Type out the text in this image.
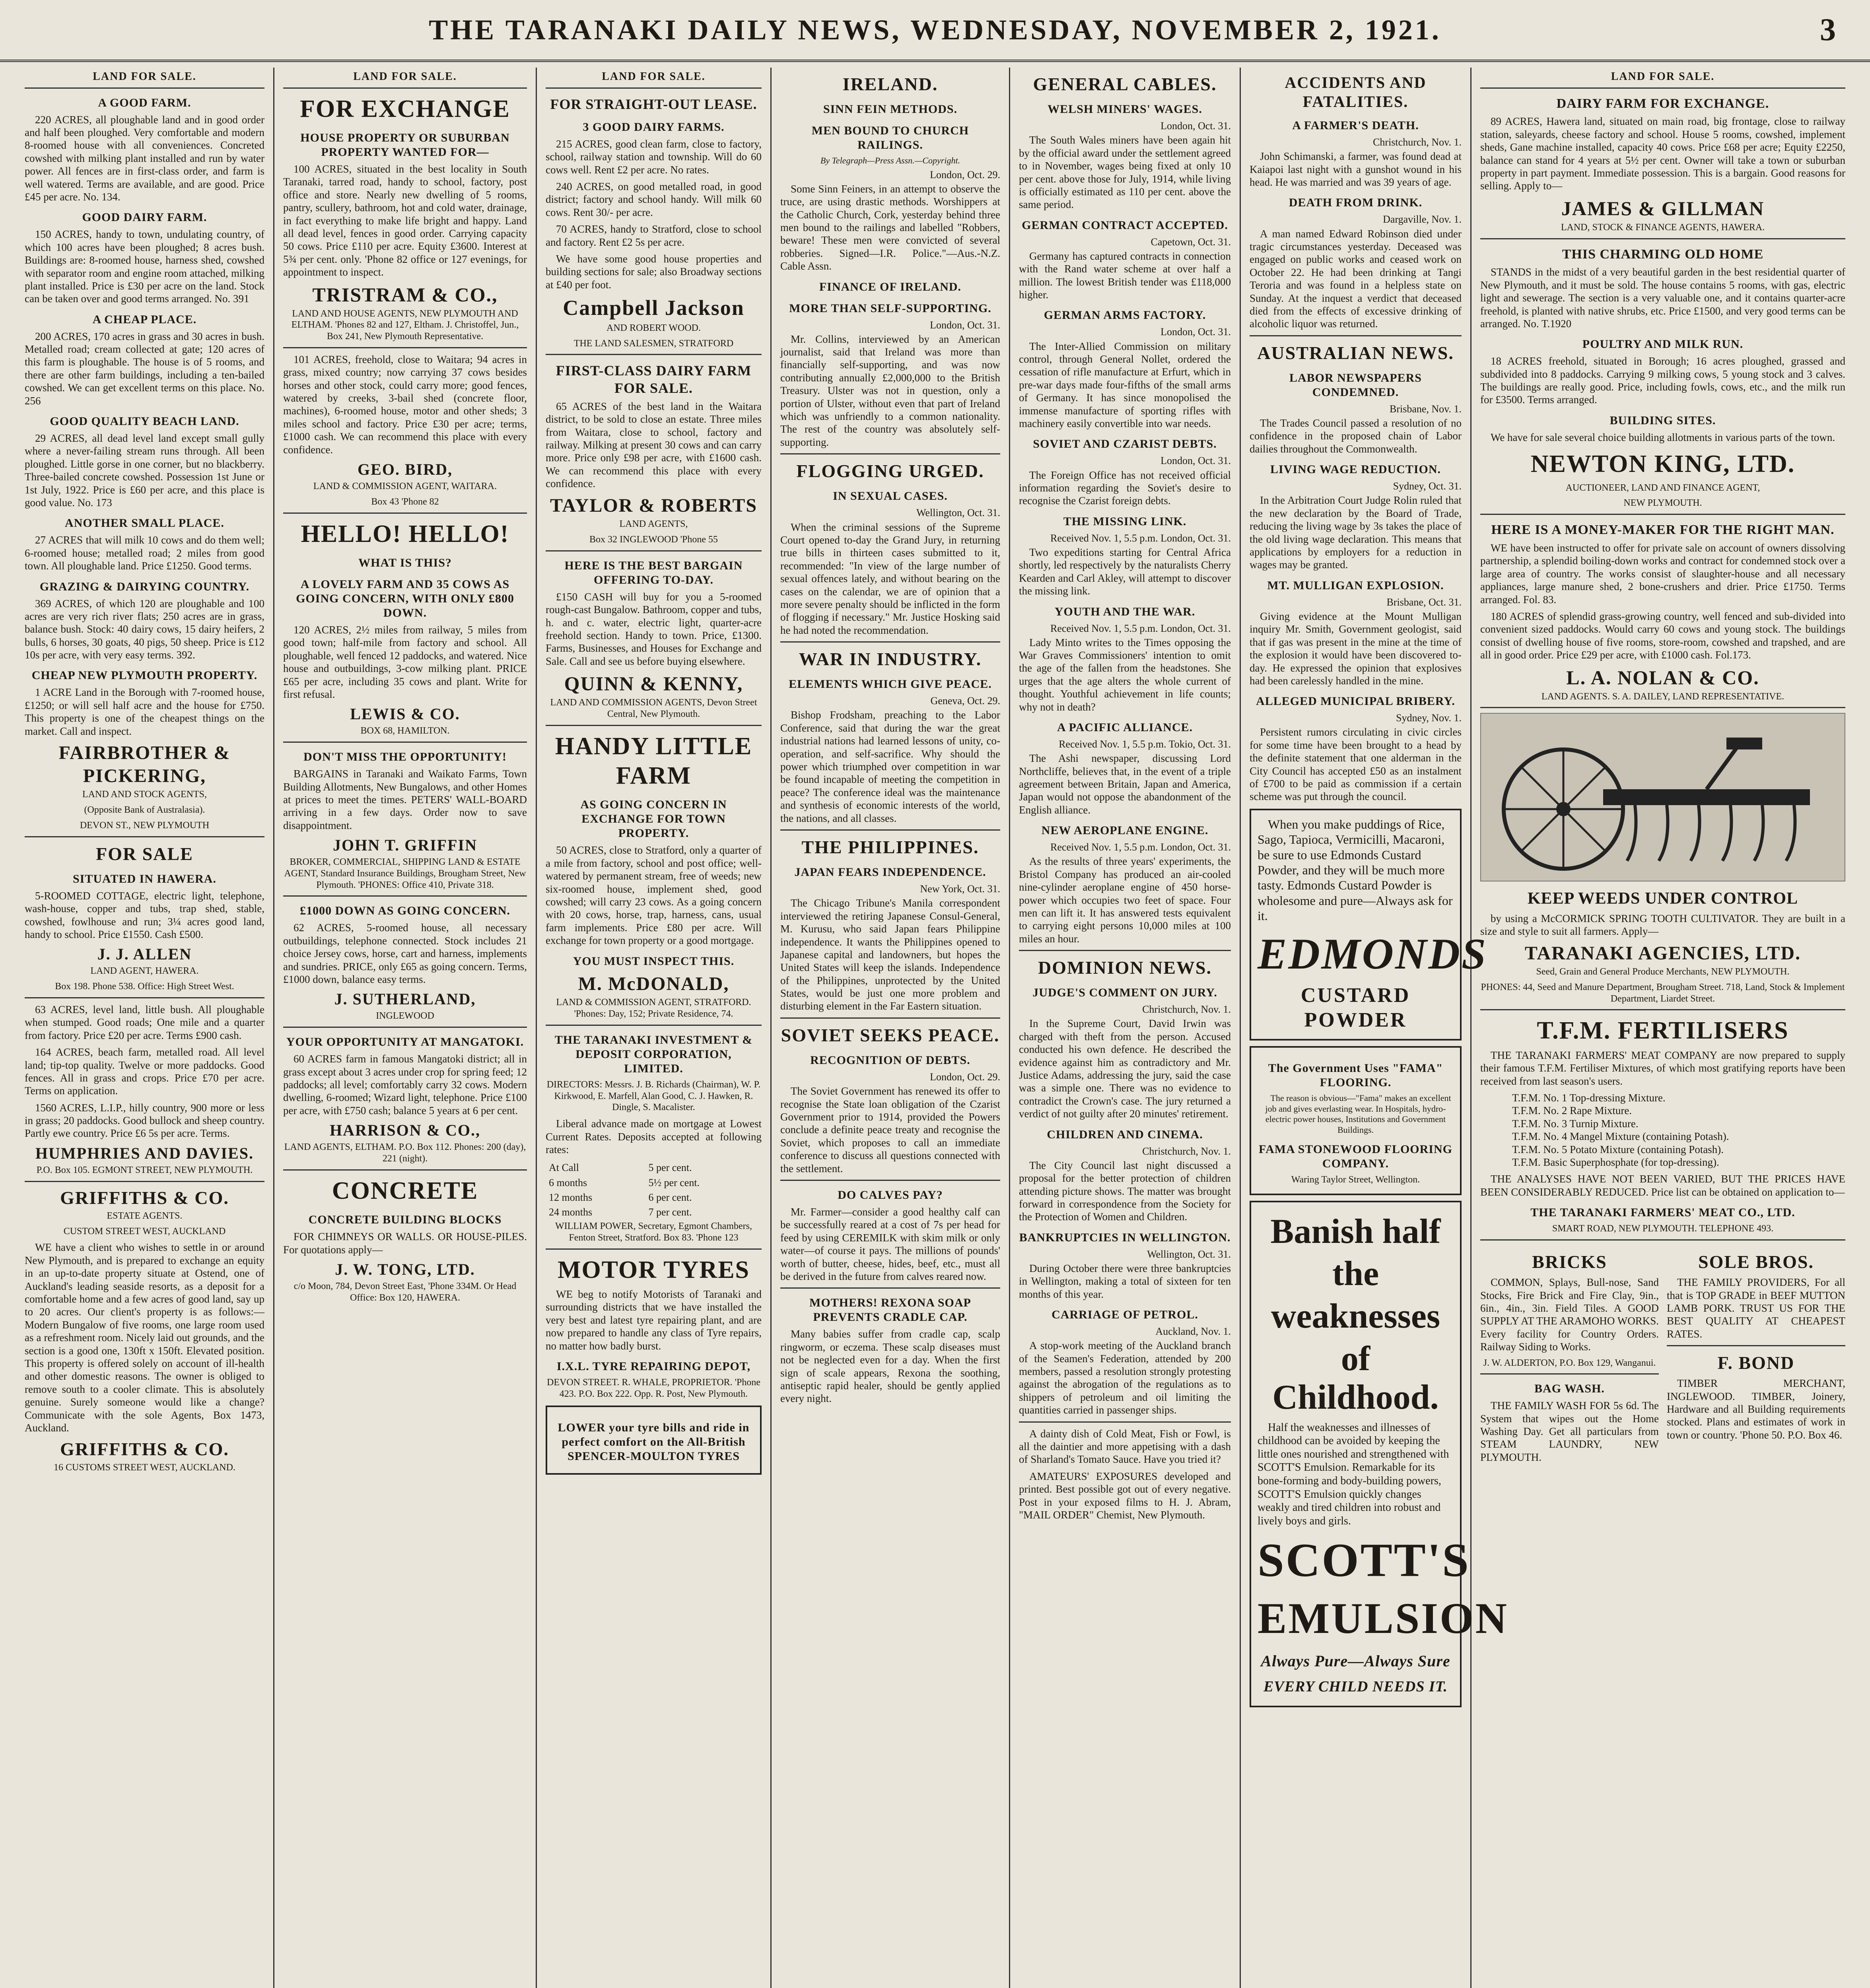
THE TARANAKI DAILY NEWS, WEDNESDAY, NOVEMBER 2, 1921.	3
LAND FOR SALE.
A GOOD FARM.

220 ACRES, all ploughable land and in good order and half been ploughed. Very comfortable and modern 8-roomed house with all conveniences. Concreted cowshed with milking plant installed and run by water power. All fences are in first-class order, and farm is well watered. Terms are available, and are good. Price £45 per acre. No. 134.

GOOD DAIRY FARM.

150 ACRES, handy to town, undulating country, of which 100 acres have been ploughed; 8 acres bush. Buildings are: 8-roomed house, harness shed, cowshed with separator room and engine room attached, milking plant installed. Price is £30 per acre on the land. Stock can be taken over and good terms arranged. No. 391

A CHEAP PLACE.

200 ACRES, 170 acres in grass and 30 acres in bush. Metalled road; cream collected at gate; 120 acres of this farm is ploughable. The house is of 5 rooms, and there are other farm buildings, including a ten-bailed cowshed. We can get excellent terms on this place. No. 256

GOOD QUALITY BEACH LAND.

29 ACRES, all dead level land except small gully where a never-failing stream runs through. All been ploughed. Little gorse in one corner, but no blackberry. Three-bailed concrete cowshed. Possession 1st June or 1st July, 1922. Price is £60 per acre, and this place is good value. No. 173

ANOTHER SMALL PLACE.

27 ACRES that will milk 10 cows and do them well; 6-roomed house; metalled road; 2 miles from good town. All ploughable land. Price £1250. Good terms.

GRAZING & DAIRYING COUNTRY.

369 ACRES, of which 120 are ploughable and 100 acres are very rich river flats; 250 acres are in grass, balance bush. Stock: 40 dairy cows, 15 dairy heifers, 2 bulls, 6 horses, 30 goats, 40 pigs, 50 sheep. Price is £12 10s per acre, with very easy terms. 392.

CHEAP NEW PLYMOUTH PROPERTY.

1 ACRE Land in the Borough with 7-roomed house, £1250; or will sell half acre and the house for £750. This property is one of the cheapest things on the market. Call and inspect.

FAIRBROTHER & PICKERING,
LAND AND STOCK AGENTS,
(Opposite Bank of Australasia).
DEVON ST., NEW PLYMOUTH
FOR SALE
SITUATED IN HAWERA.

5-ROOMED COTTAGE, electric light, telephone, wash-house, copper and tubs, trap shed, stable, cowshed, fowlhouse and run; 3¼ acres good land, handy to school. Price £1550. Cash £500.

J. J. ALLEN
LAND AGENT, HAWERA.
Box 198. Phone 538. Office: High Street West.

63 ACRES, level land, little bush. All ploughable when stumped. Good roads; One mile and a quarter from factory. Price £20 per acre. Terms £900 cash.

164 ACRES, beach farm, metalled road. All level land; tip-top quality. Twelve or more paddocks. Good fences. All in grass and crops. Price £70 per acre. Terms on application.

1560 ACRES, L.I.P., hilly country, 900 more or less in grass; 20 paddocks. Good bullock and sheep country. Partly ewe country. Price £6 5s per acre. Terms.

HUMPHRIES AND DAVIES.
P.O. Box 105. EGMONT STREET, NEW PLYMOUTH.
GRIFFITHS & CO.
ESTATE AGENTS.
CUSTOM STREET WEST, AUCKLAND

WE have a client who wishes to settle in or around New Plymouth, and is prepared to exchange an equity in an up-to-date property situate at Ostend, one of Auckland's leading seaside resorts, as a deposit for a comfortable home and a few acres of good land, say up to 20 acres. Our client's property is as follows:—Modern Bungalow of five rooms, one large room used as a refreshment room. Nicely laid out grounds, and the section is a good one, 130ft x 150ft. Elevated position. This property is offered solely on account of ill-health and other domestic reasons. The owner is obliged to remove south to a cooler climate. This is absolutely genuine. Surely someone would like a change? Communicate with the sole Agents, Box 1473, Auckland.

GRIFFITHS & CO.
16 CUSTOMS STREET WEST, AUCKLAND.
LAND FOR SALE.
FOR EXCHANGE
HOUSE PROPERTY OR SUBURBAN PROPERTY WANTED FOR—

100 ACRES, situated in the best locality in South Taranaki, tarred road, handy to school, factory, post office and store. Nearly new dwelling of 5 rooms, pantry, scullery, bathroom, hot and cold water, drainage, in fact everything to make life bright and happy. Land all dead level, fences in good order. Carrying capacity 50 cows. Price £110 per acre. Equity £3600. Interest at 5¾ per cent. only. 'Phone 82 office or 127 evenings, for appointment to inspect.

TRISTRAM & CO.,
LAND AND HOUSE AGENTS, NEW PLYMOUTH AND ELTHAM. 'Phones 82 and 127, Eltham. J. Christoffel, Jun., Box 241, New Plymouth Representative.

101 ACRES, freehold, close to Waitara; 94 acres in grass, mixed country; now carrying 37 cows besides horses and other stock, could carry more; good fences, watered by creeks, 3-bail shed (concrete floor, machines), 6-roomed house, motor and other sheds; 3 miles school and factory. Price £30 per acre; terms, £1000 cash. We can recommend this place with every confidence.

GEO. BIRD,
LAND & COMMISSION AGENT, WAITARA.
Box 43 'Phone 82
HELLO! HELLO!
WHAT IS THIS?
A LOVELY FARM AND 35 COWS AS GOING CONCERN, WITH ONLY £800 DOWN.

120 ACRES, 2½ miles from railway, 5 miles from good town; half-mile from factory and school. All ploughable, well fenced 12 paddocks, and watered. Nice house and outbuildings, 3-cow milking plant. PRICE £65 per acre, including 35 cows and plant. Write for first refusal.

LEWIS & CO.
BOX 68, HAMILTON.
DON'T MISS THE OPPORTUNITY!

BARGAINS in Taranaki and Waikato Farms, Town Building Allotments, New Bungalows, and other Homes at prices to meet the times. PETERS' WALL-BOARD arriving in a few days. Order now to save disappointment.

JOHN T. GRIFFIN
BROKER, COMMERCIAL, SHIPPING LAND & ESTATE AGENT, Standard Insurance Buildings, Brougham Street, New Plymouth. 'PHONES: Office 410, Private 318.
£1000 DOWN AS GOING CONCERN.

62 ACRES, 5-roomed house, all necessary outbuildings, telephone connected. Stock includes 21 choice Jersey cows, horse, cart and harness, implements and sundries. PRICE, only £65 as going concern. Terms, £1000 down, balance easy terms.

J. SUTHERLAND,
INGLEWOOD
YOUR OPPORTUNITY AT MANGATOKI.

60 ACRES farm in famous Mangatoki district; all in grass except about 3 acres under crop for spring feed; 12 paddocks; all level; comfortably carry 32 cows. Modern dwelling, 6-roomed; Wizard light, telephone. Price £100 per acre, with £750 cash; balance 5 years at 6 per cent.

HARRISON & CO.,
LAND AGENTS, ELTHAM. P.O. Box 112. Phones: 200 (day), 221 (night).
CONCRETE
CONCRETE BUILDING BLOCKS

FOR CHIMNEYS OR WALLS. OR HOUSE-PILES. For quotations apply—

J. W. TONG, LTD.
c/o Moon, 784, Devon Street East, 'Phone 334M. Or Head Office: Box 120, HAWERA.
LAND FOR SALE.
FOR STRAIGHT-OUT LEASE.
3 GOOD DAIRY FARMS.

215 ACRES, good clean farm, close to factory, school, railway station and township. Will do 60 cows well. Rent £2 per acre. No rates.

240 ACRES, on good metalled road, in good district; factory and school handy. Will milk 60 cows. Rent 30/- per acre.

70 ACRES, handy to Stratford, close to school and factory. Rent £2 5s per acre.

We have some good house properties and building sections for sale; also Broadway sections at £40 per foot.

Campbell Jackson
AND ROBERT WOOD.
THE LAND SALESMEN, STRATFORD
FIRST-CLASS DAIRY FARM FOR SALE.

65 ACRES of the best land in the Waitara district, to be sold to close an estate. Three miles from Waitara, close to school, factory and railway. Milking at present 30 cows and can carry more. Price only £98 per acre, with £1600 cash. We can recommend this place with every confidence.

TAYLOR & ROBERTS
LAND AGENTS,
Box 32 INGLEWOOD 'Phone 55
HERE IS THE BEST BARGAIN OFFERING TO-DAY.

£150 CASH will buy for you a 5-roomed rough-cast Bungalow. Bathroom, copper and tubs, h. and c. water, electric light, quarter-acre freehold section. Handy to town. Price, £1300. Farms, Businesses, and Houses for Exchange and Sale. Call and see us before buying elsewhere.

QUINN & KENNY,
LAND AND COMMISSION AGENTS, Devon Street Central, New Plymouth.
HANDY LITTLE FARM
AS GOING CONCERN IN EXCHANGE FOR TOWN PROPERTY.

50 ACRES, close to Stratford, only a quarter of a mile from factory, school and post office; well-watered by permanent stream, free of weeds; new six-roomed house, implement shed, good cowshed; will carry 23 cows. As a going concern with 20 cows, horse, trap, harness, cans, usual farm implements. Price £80 per acre. Will exchange for town property or a good mortgage.

YOU MUST INSPECT THIS.
M. McDONALD,
LAND & COMMISSION AGENT, STRATFORD. 'Phones: Day, 152; Private Residence, 74.
THE TARANAKI INVESTMENT & DEPOSIT CORPORATION, LIMITED.
DIRECTORS: Messrs. J. B. Richards (Chairman), W. P. Kirkwood, E. Marfell, Alan Good, C. J. Hawken, R. Dingle, S. Macalister.

Liberal advance made on mortgage at Lowest Current Rates. Deposits accepted at following rates:

At Call	5 per cent.
6 months	5½ per cent.
12 months	6 per cent.
24 months	7 per cent.
WILLIAM POWER, Secretary, Egmont Chambers, Fenton Street, Stratford. Box 83. 'Phone 123
MOTOR TYRES

WE beg to notify Motorists of Taranaki and surrounding districts that we have installed the very best and latest tyre repairing plant, and are now prepared to handle any class of Tyre repairs, no matter how badly burst.

I.X.L. TYRE REPAIRING DEPOT,
DEVON STREET. R. WHALE, PROPRIETOR. 'Phone 423. P.O. Box 222. Opp. R. Post, New Plymouth.
LOWER your tyre bills and ride in perfect comfort on the All-British SPENCER-MOULTON TYRES
IRELAND.
SINN FEIN METHODS.
MEN BOUND TO CHURCH RAILINGS.
By Telegraph—Press Assn.—Copyright.
London, Oct. 29.

Some Sinn Feiners, in an attempt to observe the truce, are using drastic methods. Worshippers at the Catholic Church, Cork, yesterday behind three men bound to the railings and labelled "Robbers, beware! These men were convicted of several robberies. Signed—I.R. Police."—Aus.-N.Z. Cable Assn.

FINANCE OF IRELAND.
MORE THAN SELF-SUPPORTING.
London, Oct. 31.

Mr. Collins, interviewed by an American journalist, said that Ireland was more than financially self-supporting, and was now contributing annually £2,000,000 to the British Treasury. Ulster was not in question, only a portion of Ulster, without even that part of Ireland which was unfriendly to a common nationality. The rest of the country was absolutely self-supporting.

FLOGGING URGED.
IN SEXUAL CASES.
Wellington, Oct. 31.

When the criminal sessions of the Supreme Court opened to-day the Grand Jury, in returning true bills in thirteen cases submitted to it, recommended: "In view of the large number of sexual offences lately, and without bearing on the cases on the calendar, we are of opinion that a more severe penalty should be inflicted in the form of flogging if necessary." Mr. Justice Hosking said he had noted the recommendation.

WAR IN INDUSTRY.
ELEMENTS WHICH GIVE PEACE.
Geneva, Oct. 29.

Bishop Frodsham, preaching to the Labor Conference, said that during the war the great industrial nations had learned lessons of unity, co-operation, and self-sacrifice. Why should the power which triumphed over competition in war be found incapable of meeting the competition in peace? The conference ideal was the maintenance and synthesis of economic interests of the world, the nations, and all classes.

THE PHILIPPINES.
JAPAN FEARS INDEPENDENCE.
New York, Oct. 31.

The Chicago Tribune's Manila correspondent interviewed the retiring Japanese Consul-General, M. Kurusu, who said Japan fears Philippine independence. It wants the Philippines opened to Japanese capital and landowners, but hopes the United States will keep the islands. Independence of the Philippines, unprotected by the United States, would be just one more problem and disturbing element in the Far Eastern situation.

SOVIET SEEKS PEACE.
RECOGNITION OF DEBTS.
London, Oct. 29.

The Soviet Government has renewed its offer to recognise the State loan obligation of the Czarist Government prior to 1914, provided the Powers conclude a definite peace treaty and recognise the Soviet, which proposes to call an immediate conference to discuss all questions connected with the settlement.

DO CALVES PAY?

Mr. Farmer—consider a good healthy calf can be successfully reared at a cost of 7s per head for feed by using CEREMILK with skim milk or only water—of course it pays. The millions of pounds' worth of butter, cheese, hides, beef, etc., must all be derived in the future from calves reared now.

MOTHERS! REXONA SOAP PREVENTS CRADLE CAP.

Many babies suffer from cradle cap, scalp ringworm, or eczema. These scalp diseases must not be neglected even for a day. When the first sign of scale appears, Rexona the soothing, antiseptic rapid healer, should be gently applied every night.

GENERAL CABLES.
WELSH MINERS' WAGES.
London, Oct. 31.

The South Wales miners have been again hit by the official award under the settlement agreed to in November, wages being fixed at only 10 per cent. above those for July, 1914, while living is officially estimated as 110 per cent. above the same period.

GERMAN CONTRACT ACCEPTED.
Capetown, Oct. 31.

Germany has captured contracts in connection with the Rand water scheme at over half a million. The lowest British tender was £118,000 higher.

GERMAN ARMS FACTORY.
London, Oct. 31.

The Inter-Allied Commission on military control, through General Nollet, ordered the cessation of rifle manufacture at Erfurt, which in pre-war days made four-fifths of the small arms of Germany. It has since monopolised the immense manufacture of sporting rifles with machinery easily convertible into war needs.

SOVIET AND CZARIST DEBTS.
London, Oct. 31.

The Foreign Office has not received official information regarding the Soviet's desire to recognise the Czarist foreign debts.

THE MISSING LINK.
Received Nov. 1, 5.5 p.m. London, Oct. 31.

Two expeditions starting for Central Africa shortly, led respectively by the naturalists Cherry Kearden and Carl Akley, will attempt to discover the missing link.

YOUTH AND THE WAR.
Received Nov. 1, 5.5 p.m. London, Oct. 31.

Lady Minto writes to the Times opposing the War Graves Commissioners' intention to omit the age of the fallen from the headstones. She urges that the age alters the whole current of thought. Youthful achievement in life counts; why not in death?

A PACIFIC ALLIANCE.
Received Nov. 1, 5.5 p.m. Tokio, Oct. 31.

The Ashi newspaper, discussing Lord Northcliffe, believes that, in the event of a triple agreement between Britain, Japan and America, Japan would not oppose the abandonment of the English alliance.

NEW AEROPLANE ENGINE.
Received Nov. 1, 5.5 p.m. London, Oct. 31.

As the results of three years' experiments, the Bristol Company has produced an air-cooled nine-cylinder aeroplane engine of 450 horse-power which occupies two feet of space. Four men can lift it. It has answered tests equivalent to carrying eight persons 10,000 miles at 100 miles an hour.

DOMINION NEWS.
JUDGE'S COMMENT ON JURY.
Christchurch, Nov. 1.

In the Supreme Court, David Irwin was charged with theft from the person. Accused conducted his own defence. He described the evidence against him as contradictory and Mr. Justice Adams, addressing the jury, said the case was a simple one. There was no evidence to contradict the Crown's case. The jury returned a verdict of not guilty after 20 minutes' retirement.

CHILDREN AND CINEMA.
Christchurch, Nov. 1.

The City Council last night discussed a proposal for the better protection of children attending picture shows. The matter was brought forward in correspondence from the Society for the Protection of Women and Children.

BANKRUPTCIES IN WELLINGTON.
Wellington, Oct. 31.

During October there were three bankruptcies in Wellington, making a total of sixteen for ten months of this year.

CARRIAGE OF PETROL.
Auckland, Nov. 1.

A stop-work meeting of the Auckland branch of the Seamen's Federation, attended by 200 members, passed a resolution strongly protesting against the abrogation of the regulations as to shippers of petroleum and oil limiting the quantities carried in passenger ships.

A dainty dish of Cold Meat, Fish or Fowl, is all the daintier and more appetising with a dash of Sharland's Tomato Sauce. Have you tried it?

AMATEURS' EXPOSURES developed and printed. Best possible got out of every negative. Post in your exposed films to H. J. Abram, "MAIL ORDER" Chemist, New Plymouth.

ACCIDENTS AND FATALITIES.
A FARMER'S DEATH.
Christchurch, Nov. 1.

John Schimanski, a farmer, was found dead at Kaiapoi last night with a gunshot wound in his head. He was married and was 39 years of age.

DEATH FROM DRINK.
Dargaville, Nov. 1.

A man named Edward Robinson died under tragic circumstances yesterday. Deceased was engaged on public works and ceased work on October 22. He had been drinking at Tangi Teroria and was found in a helpless state on Sunday. At the inquest a verdict that deceased died from the effects of excessive drinking of alcoholic liquor was returned.

AUSTRALIAN NEWS.
LABOR NEWSPAPERS CONDEMNED.
Brisbane, Nov. 1.

The Trades Council passed a resolution of no confidence in the proposed chain of Labor dailies throughout the Commonwealth.

LIVING WAGE REDUCTION.
Sydney, Oct. 31.

In the Arbitration Court Judge Rolin ruled that the new declaration by the Board of Trade, reducing the living wage by 3s takes the place of the old living wage declaration. This means that applications by employers for a reduction in wages may be granted.

MT. MULLIGAN EXPLOSION.
Brisbane, Oct. 31.

Giving evidence at the Mount Mulligan inquiry Mr. Smith, Government geologist, said that if gas was present in the mine at the time of the explosion it would have been discovered to-day. He expressed the opinion that explosives had been carelessly handled in the mine.

ALLEGED MUNICIPAL BRIBERY.
Sydney, Nov. 1.

Persistent rumors circulating in civic circles for some time have been brought to a head by the definite statement that one alderman in the City Council has accepted £50 as an instalment of £700 to be paid as commission if a certain scheme was put through the council.

When you make puddings of Rice, Sago, Tapioca, Vermicilli, Macaroni, be sure to use Edmonds Custard Powder, and they will be much more tasty. Edmonds Custard Powder is wholesome and pure—Always ask for it.

EDMONDS
CUSTARD POWDER
The Government Uses "FAMA" FLOORING.

The reason is obvious—"Fama" makes an excellent job and gives everlasting wear. In Hospitals, hydro-electric power houses, Institutions and Government Buildings.

FAMA STONEWOOD FLOORING COMPANY.
Waring Taylor Street, Wellington.
Banish half
the
weaknesses
of Childhood.

Half the weaknesses and illnesses of childhood can be avoided by keeping the little ones nourished and strengthened with SCOTT'S Emulsion. Remarkable for its bone-forming and body-building powers, SCOTT'S Emulsion quickly changes weakly and tired children into robust and lively boys and girls.

SCOTT'S
EMULSION
Always Pure—Always Sure
EVERY CHILD NEEDS IT.
LAND FOR SALE.
DAIRY FARM FOR EXCHANGE.

89 ACRES, Hawera land, situated on main road, big frontage, close to railway station, saleyards, cheese factory and school. House 5 rooms, cowshed, implement sheds, Gane machine installed, capacity 40 cows. Price £68 per acre; Equity £2250, balance can stand for 4 years at 5½ per cent. Owner will take a town or suburban property in part payment. Immediate possession. This is a bargain. Good reasons for selling. Apply to—

JAMES & GILLMAN
LAND, STOCK & FINANCE AGENTS, HAWERA.
THIS CHARMING OLD HOME

STANDS in the midst of a very beautiful garden in the best residential quarter of New Plymouth, and it must be sold. The house contains 5 rooms, with gas, electric light and sewerage. The section is a very valuable one, and it contains quarter-acre freehold, is planted with native shrubs, etc. Price £1500, and very good terms can be arranged. No. T.1920

POULTRY AND MILK RUN.

18 ACRES freehold, situated in Borough; 16 acres ploughed, grassed and subdivided into 8 paddocks. Carrying 9 milking cows, 5 young stock and 3 calves. The buildings are really good. Price, including fowls, cows, etc., and the milk run for £3500. Terms arranged.

BUILDING SITES.

We have for sale several choice building allotments in various parts of the town.

NEWTON KING, LTD.
AUCTIONEER, LAND AND FINANCE AGENT,
NEW PLYMOUTH.
HERE IS A MONEY-MAKER FOR THE RIGHT MAN.

WE have been instructed to offer for private sale on account of owners dissolving partnership, a splendid boiling-down works and contract for condemned stock over a large area of country. The works consist of slaughter-house and all necessary appliances, large manure shed, 2 bone-crushers and drier. Price £1750. Terms arranged. Fol. 83.

180 ACRES of splendid grass-growing country, well fenced and sub-divided into convenient sized paddocks. Would carry 60 cows and young stock. The buildings consist of dwelling house of five rooms, store-room, cowshed and trapshed, and are all in good order. Price £29 per acre, with £1000 cash. Fol.173.

L. A. NOLAN & CO.
LAND AGENTS. S. A. DAILEY, LAND REPRESENTATIVE.
KEEP WEEDS UNDER CONTROL

by using a McCORMICK SPRING TOOTH CULTIVATOR. They are built in a size and style to suit all farmers. Apply—

TARANAKI AGENCIES, LTD.
Seed, Grain and General Produce Merchants, NEW PLYMOUTH.
PHONES: 44, Seed and Manure Department, Brougham Street. 718, Land, Stock & Implement Department, Liardet Street.
T.F.M. FERTILISERS

THE TARANAKI FARMERS' MEAT COMPANY are now prepared to supply their famous T.F.M. Fertiliser Mixtures, of which most gratifying reports have been received from last season's users.

T.F.M. No. 1 Top-dressing Mixture.
T.F.M. No. 2 Rape Mixture.
T.F.M. No. 3 Turnip Mixture.
T.F.M. No. 4 Mangel Mixture (containing Potash).
T.F.M. No. 5 Potato Mixture (containing Potash).
T.F.M. Basic Superphosphate (for top-dressing).

THE ANALYSES HAVE NOT BEEN VARIED, BUT THE PRICES HAVE BEEN CONSIDERABLY REDUCED. Price list can be obtained on application to—

THE TARANAKI FARMERS' MEAT CO., LTD.
SMART ROAD, NEW PLYMOUTH. TELEPHONE 493.
BRICKS

COMMON, Splays, Bull-nose, Sand Stocks, Fire Brick and Fire Clay, 9in., 6in., 4in., 3in. Field Tiles. A GOOD SUPPLY AT THE ARAMOHO WORKS. Every facility for Country Orders. Railway Siding to Works.

J. W. ALDERTON, P.O. Box 129, Wanganui.
BAG WASH.

THE FAMILY WASH FOR 5s 6d. The System that wipes out the Home Washing Day. Get all particulars from STEAM LAUNDRY, NEW PLYMOUTH.

SOLE BROS.

THE FAMILY PROVIDERS, For all that is TOP GRADE in BEEF MUTTON LAMB PORK. TRUST US FOR THE BEST QUALITY AT CHEAPEST RATES.

F. BOND

TIMBER MERCHANT, INGLEWOOD. TIMBER, Joinery, Hardware and all Building requirements stocked. Plans and estimates of work in town or country. 'Phone 50. P.O. Box 46.
